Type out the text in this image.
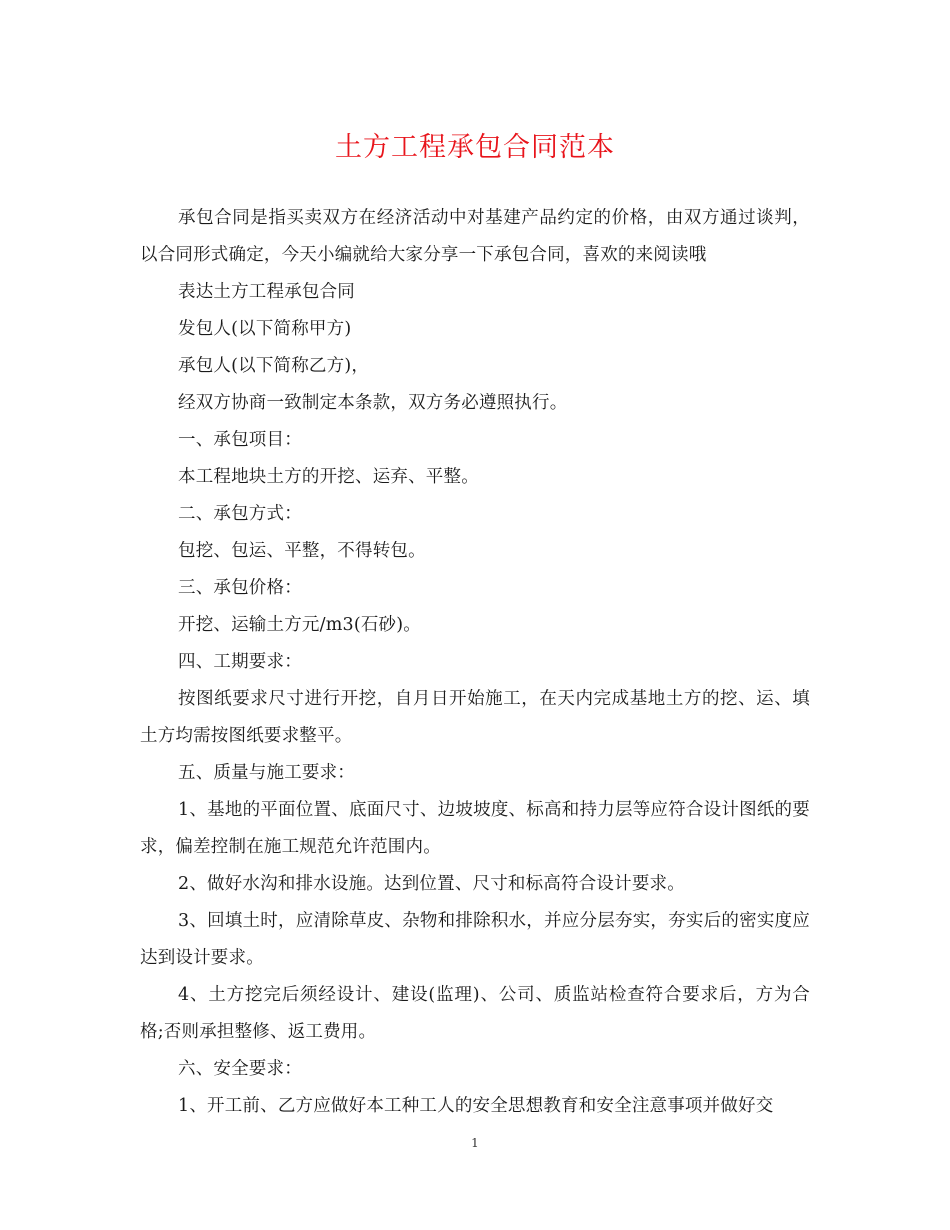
土方工程承包合同范本

承包合同是指买卖双方在经济活动中对基建产品约定的价格，由双方通过谈判，以合同形式确定，今天小编就给大家分享一下承包合同，喜欢的来阅读哦

表达土方工程承包合同

发包人(以下简称甲方)

承包人(以下简称乙方)，

经双方协商一致制定本条款，双方务必遵照执行。

一、承包项目：

本工程地块土方的开挖、运弃、平整。

二、承包方式：

包挖、包运、平整，不得转包。

三、承包价格：

开挖、运输土方元/m3(石砂)。

四、工期要求：

按图纸要求尺寸进行开挖，自月日开始施工，在天内完成基地土方的挖、运、填土方均需按图纸要求整平。

五、质量与施工要求：

1、基地的平面位置、底面尺寸、边坡坡度、标高和持力层等应符合设计图纸的要求，偏差控制在施工规范允许范围内。

2、做好水沟和排水设施。达到位置、尺寸和标高符合设计要求。

3、回填土时，应清除草皮、杂物和排除积水，并应分层夯实，夯实后的密实度应达到设计要求。

4、土方挖完后须经设计、建设(监理)、公司、质监站检查符合要求后，方为合格;否则承担整修、返工费用。

六、安全要求：

1、开工前、乙方应做好本工种工人的安全思想教育和安全注意事项并做好交

1
